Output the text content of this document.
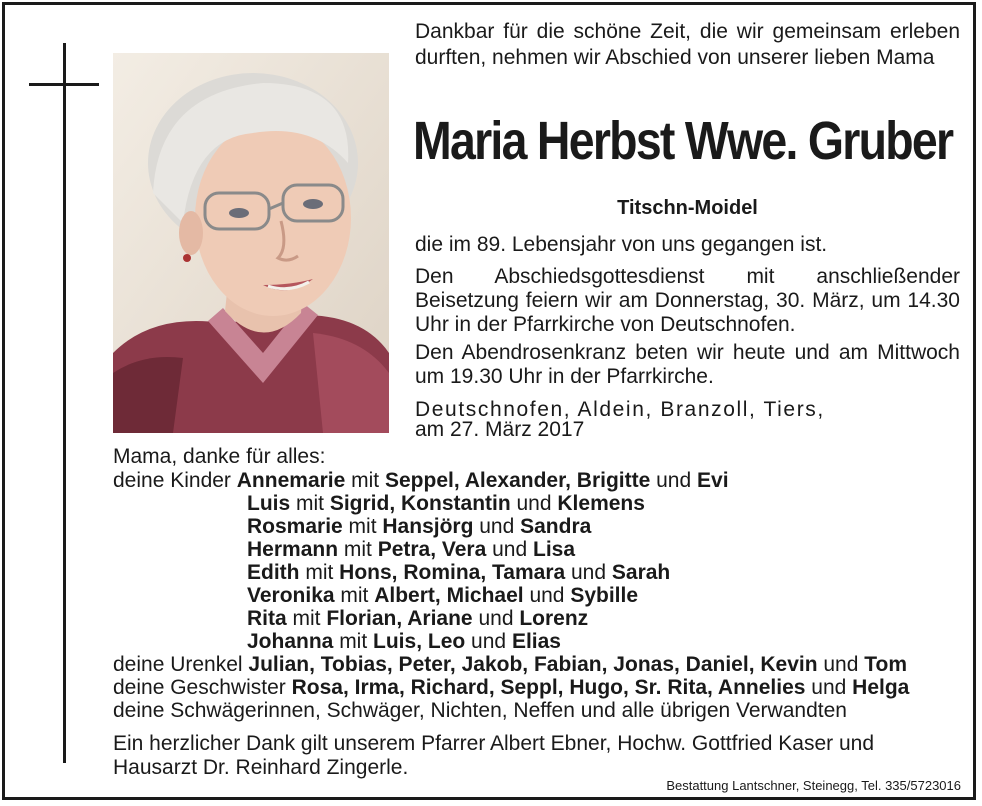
Dankbar für die schöne Zeit, die wir gemeinsam erleben durften, nehmen wir Abschied von unserer lieben Mama
Maria Herbst Wwe. Gruber
Titschn-Moidel
die im 89. Lebensjahr von uns gegangen ist.

Den Abschiedsgottesdienst mit anschließender Beisetzung feiern wir am Donnerstag, 30. März, um 14.30 Uhr in der Pfarrkirche von Deutschnofen.

Den Abendrosenkranz beten wir heute und am Mittwoch um 19.30 Uhr in der Pfarrkirche.

Deutschnofen, Aldein, Branzoll, Tiers,
am 27. März 2017
Mama, danke für alles:
deine Kinder Annemarie mit Seppel, Alexander, Brigitte und Evi
Luis mit Sigrid, Konstantin und Klemens
Rosmarie mit Hansjörg und Sandra
Hermann mit Petra, Vera und Lisa
Edith mit Hons, Romina, Tamara und Sarah
Veronika mit Albert, Michael und Sybille
Rita mit Florian, Ariane und Lorenz
Johanna mit Luis, Leo und Elias
deine Urenkel Julian, Tobias, Peter, Jakob, Fabian, Jonas, Daniel, Kevin und Tom
deine Geschwister Rosa, Irma, Richard, Seppl, Hugo, Sr. Rita, Annelies und Helga
deine Schwägerinnen, Schwäger, Nichten, Neffen und alle übrigen Verwandten

Ein herzlicher Dank gilt unserem Pfarrer Albert Ebner, Hochw. Gottfried Kaser und

Hausarzt Dr. Reinhard Zingerle.

Bestattung Lantschner, Steinegg, Tel. 335/5723016
